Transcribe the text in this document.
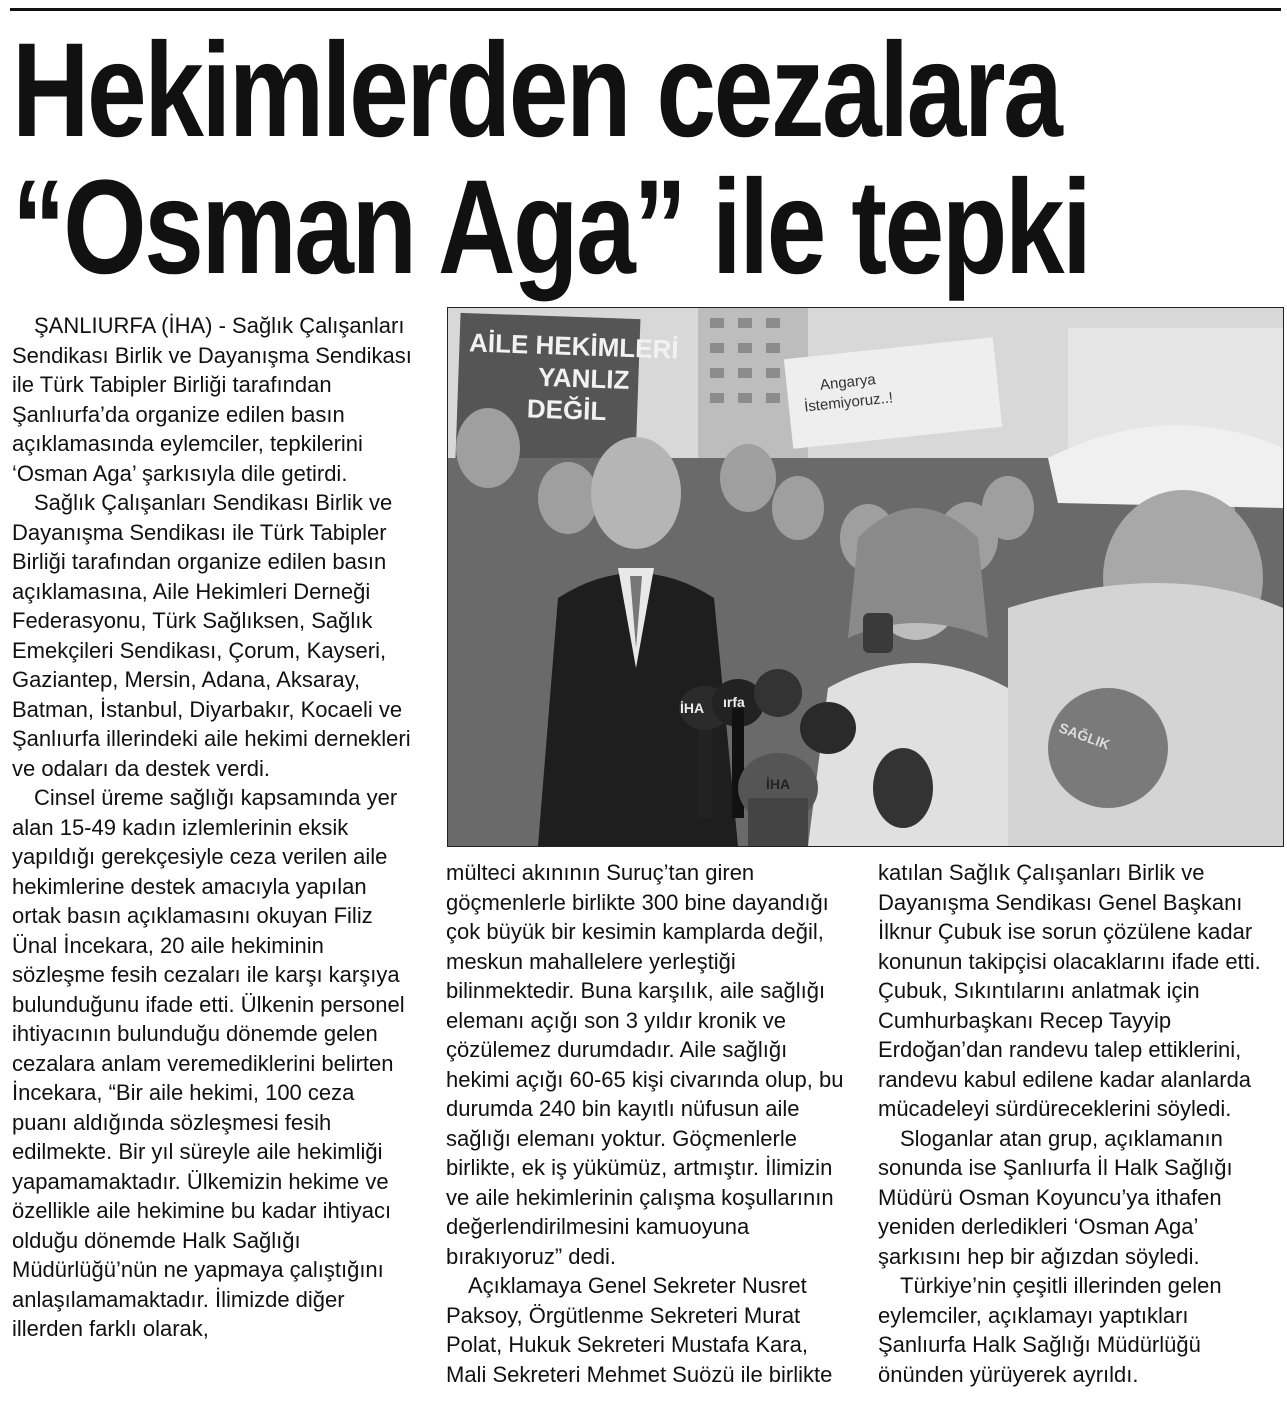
Hekimlerden cezalara
“Osman Aga” ile tepki

ŞANLIURFA (İHA) - Sağlık Çalışanları Sendikası Birlik ve Dayanışma Sendikası ile Türk Tabipler Birliği tarafından Şanlıurfa’da organize edilen basın açıklamasında eylemciler, tepkilerini ‘Osman Aga’ şarkısıyla dile getirdi.

Sağlık Çalışanları Sendikası Birlik ve Dayanışma Sendikası ile Türk Tabipler Birliği tarafından organize edilen basın açıklamasına, Aile Hekimleri Derneği Federasyonu, Türk Sağlıksen, Sağlık Emekçileri Sendikası, Çorum, Kayseri, Gaziantep, Mersin, Adana, Aksaray, Batman, İstanbul, Diyarbakır, Kocaeli ve Şanlıurfa illerindeki aile hekimi dernekleri ve odaları da destek verdi.

Cinsel üreme sağlığı kapsamında yer alan 15-49 kadın izlemlerinin eksik yapıldığı gerekçesiyle ceza verilen aile hekimlerine destek amacıyla yapılan ortak basın açıklamasını okuyan Filiz Ünal İncekara, 20 aile hekiminin sözleşme fesih cezaları ile karşı karşıya bulunduğunu ifade etti. Ülkenin personel ihtiyacının bulunduğu dönemde gelen cezalara anlam veremediklerini belirten İncekara, “Bir aile hekimi, 100 ceza puanı aldığında sözleşmesi fesih edilmekte. Bir yıl süreyle aile hekimliği yapamamaktadır. Ülkemizin hekime ve özellikle aile hekimine bu kadar ihtiyacı olduğu dönemde Halk Sağlığı Müdürlüğü’nün ne yapmaya çalıştığını anlaşılamamaktadır. İlimizde diğer illerden farklı olarak,

AİLE HEKİMLERİ
YANLIZ
DEĞİL
Angarya
İstemiyoruz..!
İHA ırfa
İHA
SAĞLIK

mülteci akınının Suruç’tan giren göçmenlerle birlikte 300 bine dayandığı çok büyük bir kesimin kamplarda değil, meskun mahallelere yerleştiği bilinmektedir. Buna karşılık, aile sağlığı elemanı açığı son 3 yıldır kronik ve çözülemez durumdadır. Aile sağlığı hekimi açığı 60-65 kişi civarında olup, bu durumda 240 bin kayıtlı nüfusun aile sağlığı elemanı yoktur. Göçmenlerle birlikte, ek iş yükümüz, artmıştır. İlimizin ve aile hekimlerinin çalışma koşullarının değerlendirilmesini kamuoyuna bırakıyoruz” dedi.

Açıklamaya Genel Sekreter Nusret Paksoy, Örgütlenme Sekreteri Murat Polat, Hukuk Sekreteri Mustafa Kara, Mali Sekreteri Mehmet Suözü ile birlikte

katılan Sağlık Çalışanları Birlik ve Dayanışma Sendikası Genel Başkanı İlknur Çubuk ise sorun çözülene kadar konunun takipçisi olacaklarını ifade etti. Çubuk, Sıkıntılarını anlatmak için Cumhurbaşkanı Recep Tayyip Erdoğan’dan randevu talep ettiklerini, randevu kabul edilene kadar alanlarda mücadeleyi sürdüreceklerini söyledi.

Sloganlar atan grup, açıklamanın sonunda ise Şanlıurfa İl Halk Sağlığı Müdürü Osman Koyuncu’ya ithafen yeniden derledikleri ‘Osman Aga’ şarkısını hep bir ağızdan söyledi.

Türkiye’nin çeşitli illerinden gelen eylemciler, açıklamayı yaptıkları Şanlıurfa Halk Sağlığı Müdürlüğü önünden yürüyerek ayrıldı.
